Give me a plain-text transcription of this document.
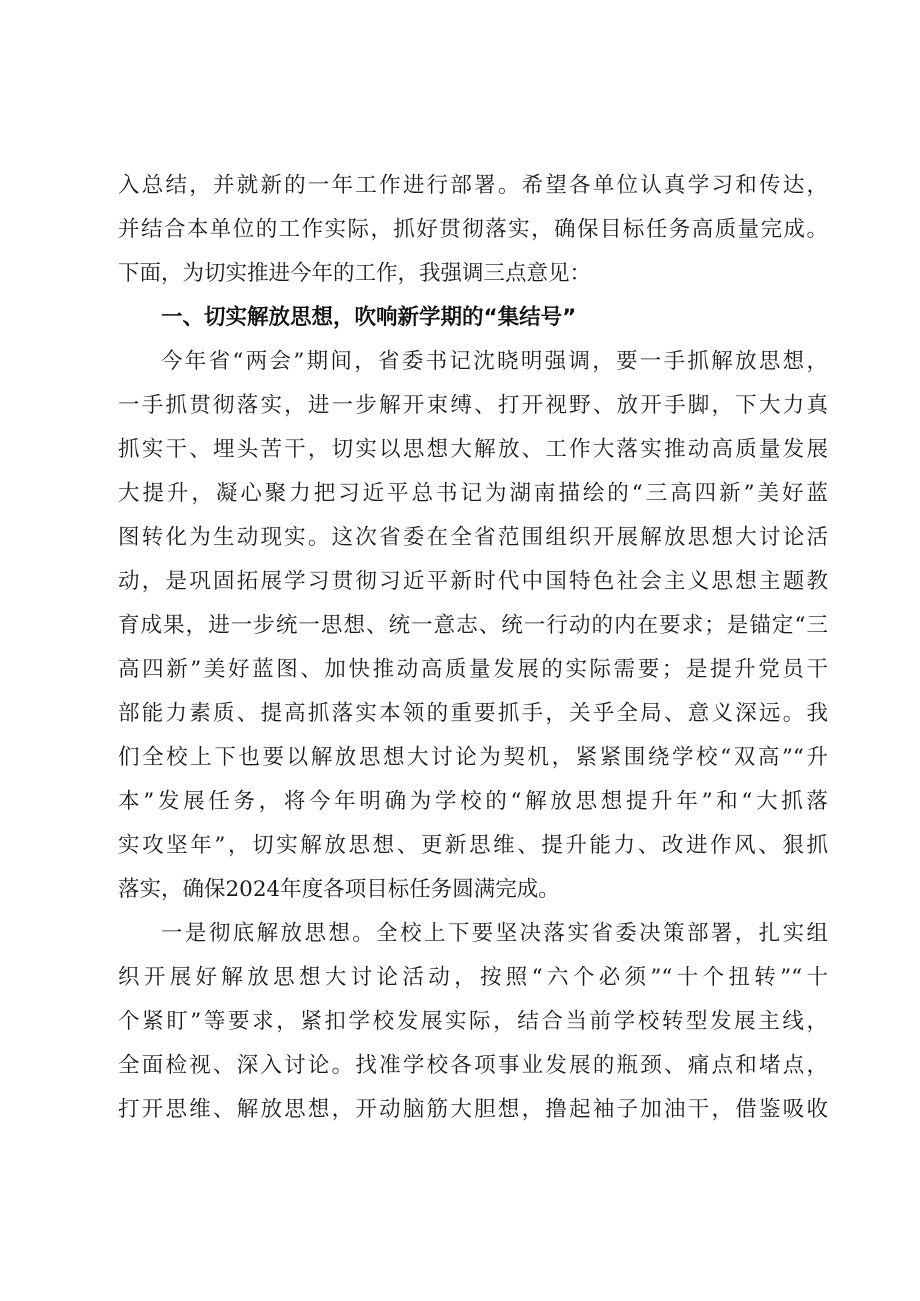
入总结，并就新的一年工作进行部署。希望各单位认真学习和传达，
并结合本单位的工作实际，抓好贯彻落实，确保目标任务高质量完成。
下面，为切实推进今年的工作，我强调三点意见：
一、切实解放思想，吹响新学期的“集结号”
今年省“两会”期间，省委书记沈晓明强调，要一手抓解放思想，
一手抓贯彻落实，进一步解开束缚、打开视野、放开手脚，下大力真
抓实干、埋头苦干，切实以思想大解放、工作大落实推动高质量发展
大提升，凝心聚力把习近平总书记为湖南描绘的“三高四新”美好蓝
图转化为生动现实。这次省委在全省范围组织开展解放思想大讨论活
动，是巩固拓展学习贯彻习近平新时代中国特色社会主义思想主题教
育成果，进一步统一思想、统一意志、统一行动的内在要求；是锚定“三
高四新”美好蓝图、加快推动高质量发展的实际需要；是提升党员干
部能力素质、提高抓落实本领的重要抓手，关乎全局、意义深远。我
们全校上下也要以解放思想大讨论为契机，紧紧围绕学校“双高”“升
本”发展任务，将今年明确为学校的“解放思想提升年”和“大抓落
实攻坚年”，切实解放思想、更新思维、提升能力、改进作风、狠抓
落实，确保2024年度各项目标任务圆满完成。
一是彻底解放思想。全校上下要坚决落实省委决策部署，扎实组
织开展好解放思想大讨论活动，按照“六个必须”“十个扭转”“十
个紧盯”等要求，紧扣学校发展实际，结合当前学校转型发展主线，
全面检视、深入讨论。找准学校各项事业发展的瓶颈、痛点和堵点，
打开思维、解放思想，开动脑筋大胆想，撸起袖子加油干，借鉴吸收
